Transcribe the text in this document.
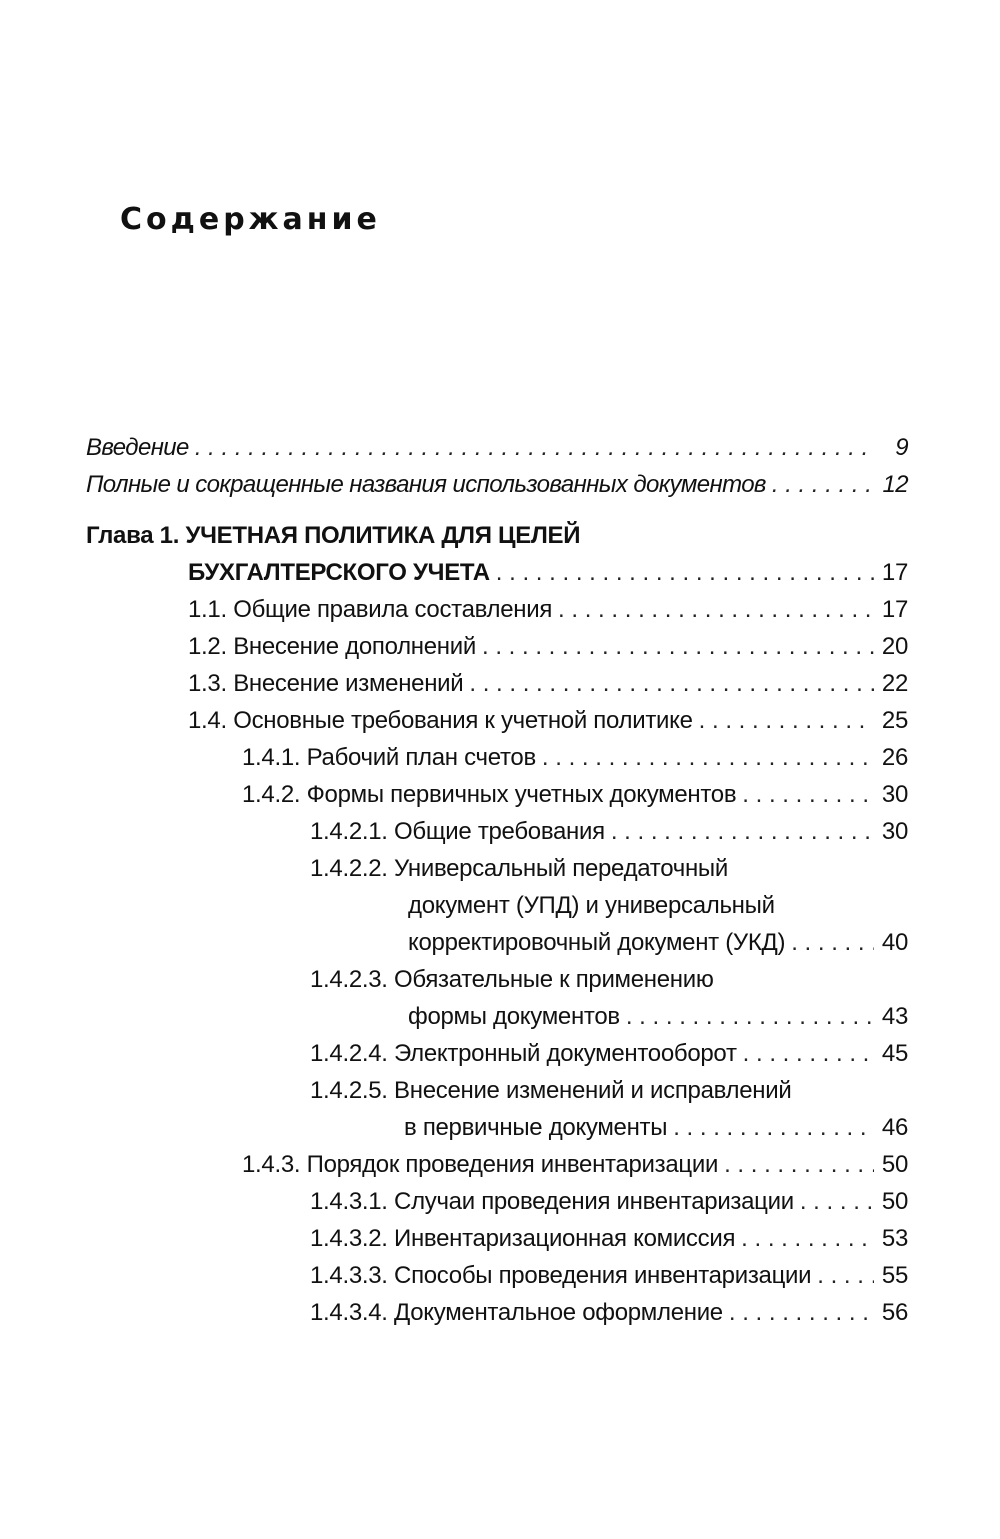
Содержание
Введение . . .	9
Полные и сокращенные названия использованных документов . . .	12
Глава 1. УЧЕТНАЯ ПОЛИТИКА ДЛЯ ЦЕЛЕЙ
БУХГАЛТЕРСКОГО УЧЕТА . . .	17
1.1. Общие правила составления . . .	17
1.2. Внесение дополнений . . .	20
1.3. Внесение изменений . . .	22
1.4. Основные требования к учетной политике . . .	25
1.4.1. Рабочий план счетов . . .	26
1.4.2. Формы первичных учетных документов . . .	30
1.4.2.1. Общие требования . . .	30
1.4.2.2. Универсальный передаточный
документ (УПД) и универсальный
корректировочный документ (УКД) . . .	40
1.4.2.3. Обязательные к применению
формы документов . . .	43
1.4.2.4. Электронный документооборот . . .	45
1.4.2.5. Внесение изменений и исправлений
в первичные документы . . .	46
1.4.3. Порядок проведения инвентаризации . . .	50
1.4.3.1. Случаи проведения инвентаризации . . .	50
1.4.3.2. Инвентаризационная комиссия . . .	53
1.4.3.3. Способы проведения инвентаризации . . .	55
1.4.3.4. Документальное оформление . . .	56
